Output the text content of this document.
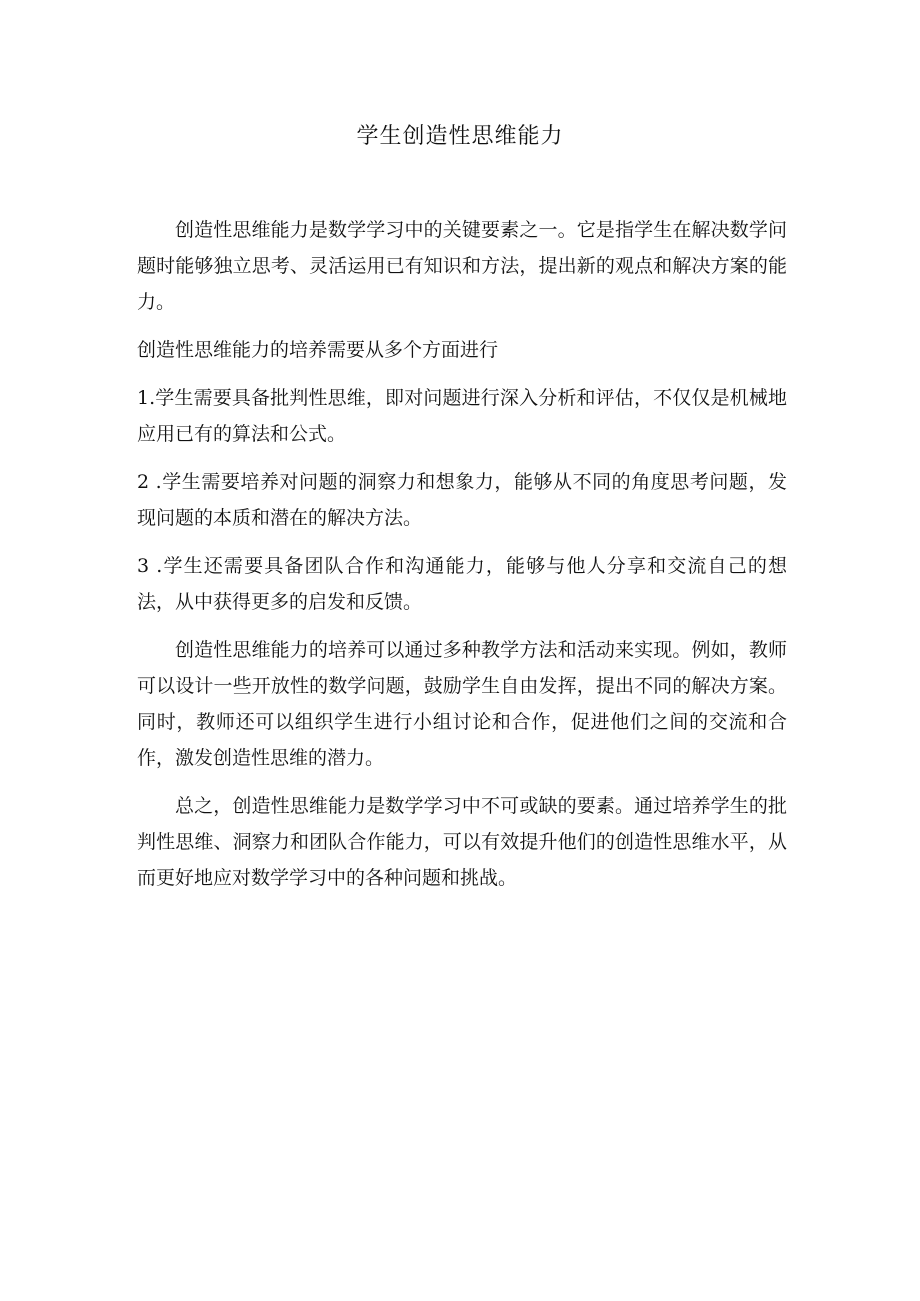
学生创造性思维能力

创造性思维能力是数学学习中的关键要素之一。它是指学生在解决数学问题时能够独立思考、灵活运用已有知识和方法，提出新的观点和解决方案的能力。

创造性思维能力的培养需要从多个方面进行

1.学生需要具备批判性思维，即对问题进行深入分析和评估，不仅仅是机械地应用已有的算法和公式。

2 .学生需要培养对问题的洞察力和想象力，能够从不同的角度思考问题，发现问题的本质和潜在的解决方法。

3 .学生还需要具备团队合作和沟通能力，能够与他人分享和交流自己的想法，从中获得更多的启发和反馈。

创造性思维能力的培养可以通过多种教学方法和活动来实现。例如，教师可以设计一些开放性的数学问题，鼓励学生自由发挥，提出不同的解决方案。同时，教师还可以组织学生进行小组讨论和合作，促进他们之间的交流和合作，激发创造性思维的潜力。

总之，创造性思维能力是数学学习中不可或缺的要素。通过培养学生的批判性思维、洞察力和团队合作能力，可以有效提升他们的创造性思维水平，从而更好地应对数学学习中的各种问题和挑战。
